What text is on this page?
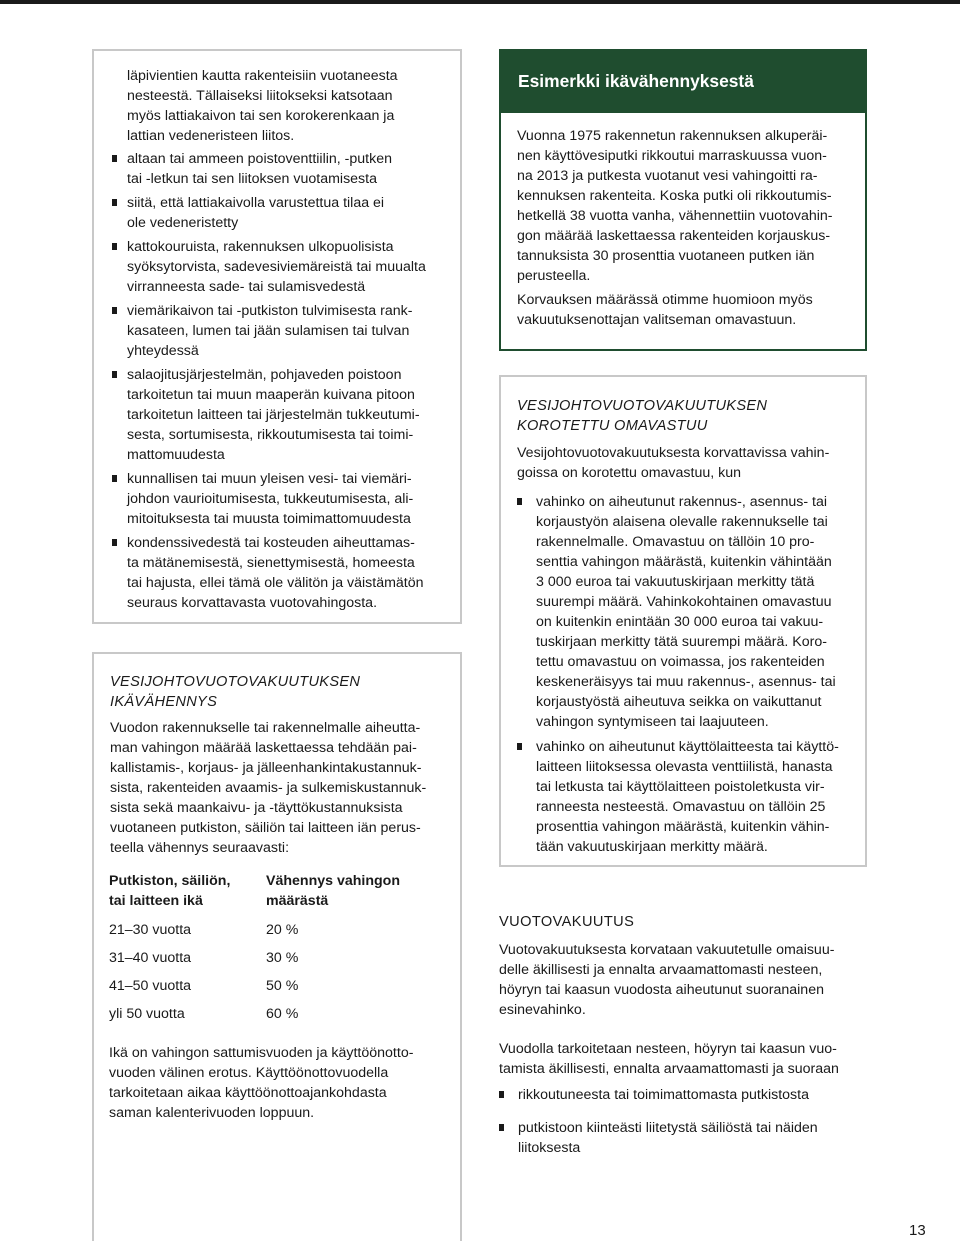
läpivientien kautta rakenteisiin vuotaneesta

nesteestä. Tällaiseksi liitokseksi katsotaan

myös lattiakaivon tai sen korokerenkaan ja

lattian vedeneristeen liitos.

altaan tai ammeen poistoventtiilin, -putken
tai -letkun tai sen liitoksen vuotamisesta
siitä, että lattiakaivolla varustettua tilaa ei
ole vedeneristetty
kattokouruista, rakennuksen ulkopuolisista
syöksytorvista, sadevesiviemäreistä tai muualta
virranneesta sade- tai sulamisvedestä
viemärikaivon tai -putkiston tulvimisesta rank-
kasateen, lumen tai jään sulamisen tai tulvan
yhteydessä
salaojitusjärjestelmän, pohjaveden poistoon
tarkoitetun tai muun maaperän kuivana pitoon
tarkoitetun laitteen tai järjestelmän tukkeutumi-
sesta, sortumisesta, rikkoutumisesta tai toimi-
mattomuudesta
kunnallisen tai muun yleisen vesi- tai viemäri-
johdon vaurioitumisesta, tukkeutumisesta, ali-
mitoituksesta tai muusta toimimattomuudesta
kondenssivedestä tai kosteuden aiheuttamas-
ta mätänemisestä, sienettymisestä, homeesta
tai hajusta, ellei tämä ole välitön ja väistämätön
seuraus korvattavasta vuotovahingosta.

VESIJOHTOVUOTOVAKUUTUKSEN

IKÄVÄHENNYS

Vuodon rakennukselle tai rakennelmalle aiheutta-

man vahingon määrää laskettaessa tehdään pai-

kallistamis-, korjaus- ja jälleenhankintakustannuk-

sista, rakenteiden avaamis- ja sulkemiskustannuk-

sista sekä maankaivu- ja -täyttökustannuksista

vuotaneen putkiston, säiliön tai laitteen iän perus-

teella vähennys seuraavasti:

Putkiston, säiliön,
tai laitteen ikä	Vähennys vahingon
määrästä
21–30 vuotta	20 %
31–40 vuotta	30 %
41–50 vuotta	50 %
yli 50 vuotta	60 %

Ikä on vahingon sattumisvuoden ja käyttöönotto-

vuoden välinen erotus. Käyttöönottovuodella

tarkoitetaan aikaa käyttöönottoajankohdasta

saman kalenterivuoden loppuun.

Esimerkki ikävähennyksestä

Vuonna 1975 rakennetun rakennuksen alkuperäi-

nen käyttövesiputki rikkoutui marraskuussa vuon-

na 2013 ja putkesta vuotanut vesi vahingoitti ra-

kennuksen rakenteita. Koska putki oli rikkoutumis-

hetkellä 38 vuotta vanha, vähennettiin vuotovahin-

gon määrää laskettaessa rakenteiden korjauskus-

tannuksista 30 prosenttia vuotaneen putken iän

perusteella.

Korvauksen määrässä otimme huomioon myös

vakuutuksenottajan valitseman omavastuun.

VESIJOHTOVUOTOVAKUUTUKSEN

KOROTETTU OMAVASTUU

Vesijohtovuotovakuutuksesta korvattavissa vahin-

goissa on korotettu omavastuu, kun

vahinko on aiheutunut rakennus-, asennus- tai
korjaustyön alaisena olevalle rakennukselle tai
rakennelmalle. Omavastuu on tällöin 10 pro-
senttia vahingon määrästä, kuitenkin vähintään
3 000 euroa tai vakuutuskirjaan merkitty tätä
suurempi määrä. Vahinkokohtainen omavastuu
on kuitenkin enintään 30 000 euroa tai vakuu-
tuskirjaan merkitty tätä suurempi määrä. Koro-
tettu omavastuu on voimassa, jos rakenteiden
keskeneräisyys tai muu rakennus-, asennus- tai
korjaustyöstä aiheutuva seikka on vaikuttanut
vahingon syntymiseen tai laajuuteen.
vahinko on aiheutunut käyttölaitteesta tai käyttö-
laitteen liitoksessa olevasta venttiilistä, hanasta
tai letkusta tai käyttölaitteen poistoletkusta vir-
ranneesta nesteestä. Omavastuu on tällöin 25
prosenttia vahingon määrästä, kuitenkin vähin-
tään vakuutuskirjaan merkitty määrä.
VUOTOVAKUUTUS

Vuotovakuutuksesta korvataan vakuutetulle omaisuu-

delle äkillisesti ja ennalta arvaamattomasti nesteen,

höyryn tai kaasun vuodosta aiheutunut suoranainen

esinevahinko.

Vuodolla tarkoitetaan nesteen, höyryn tai kaasun vuo-

tamista äkillisesti, ennalta arvaamattomasti ja suoraan

rikkoutuneesta tai toimimattomasta putkistosta
putkistoon kiinteästi liitetystä säiliöstä tai näiden
liitoksesta
13
